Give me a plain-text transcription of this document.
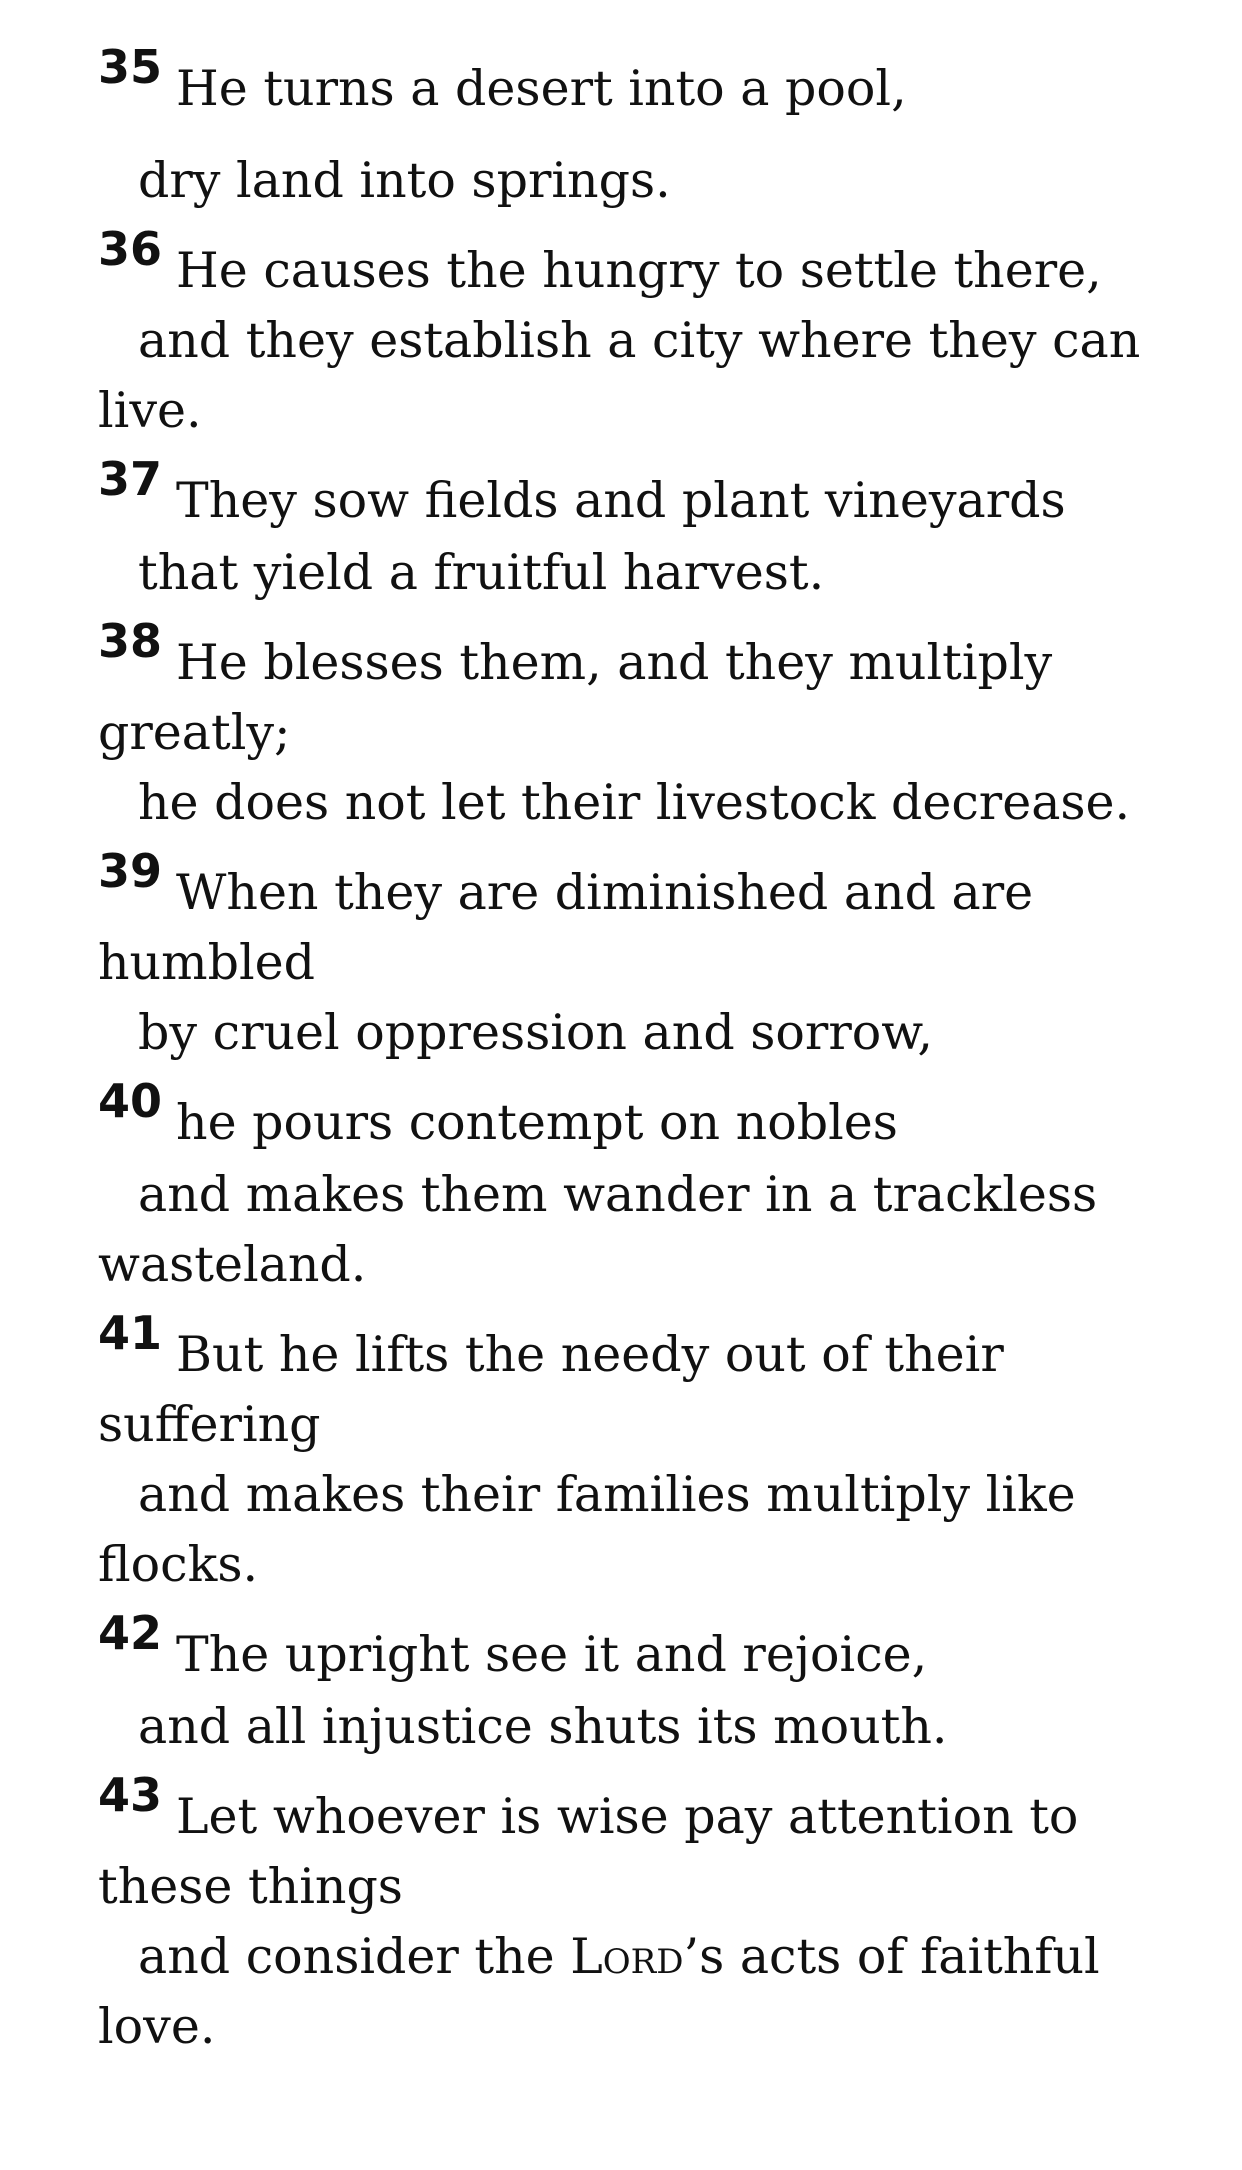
35 He turns a desert into a pool,
dry land into springs.
36 He causes the hungry to settle there,
and they establish a city where they can
live.
37 They sow fields and plant vineyards
that yield a fruitful harvest.
38 He blesses them, and they multiply
greatly;
he does not let their livestock decrease.
39 When they are diminished and are
humbled
by cruel oppression and sorrow,
40 he pours contempt on nobles
and makes them wander in a trackless
wasteland.
41 But he lifts the needy out of their
suffering
and makes their families multiply like
flocks.
42 The upright see it and rejoice,
and all injustice shuts its mouth.
43 Let whoever is wise pay attention to
these things
and consider the Lord’s acts of faithful
love.
